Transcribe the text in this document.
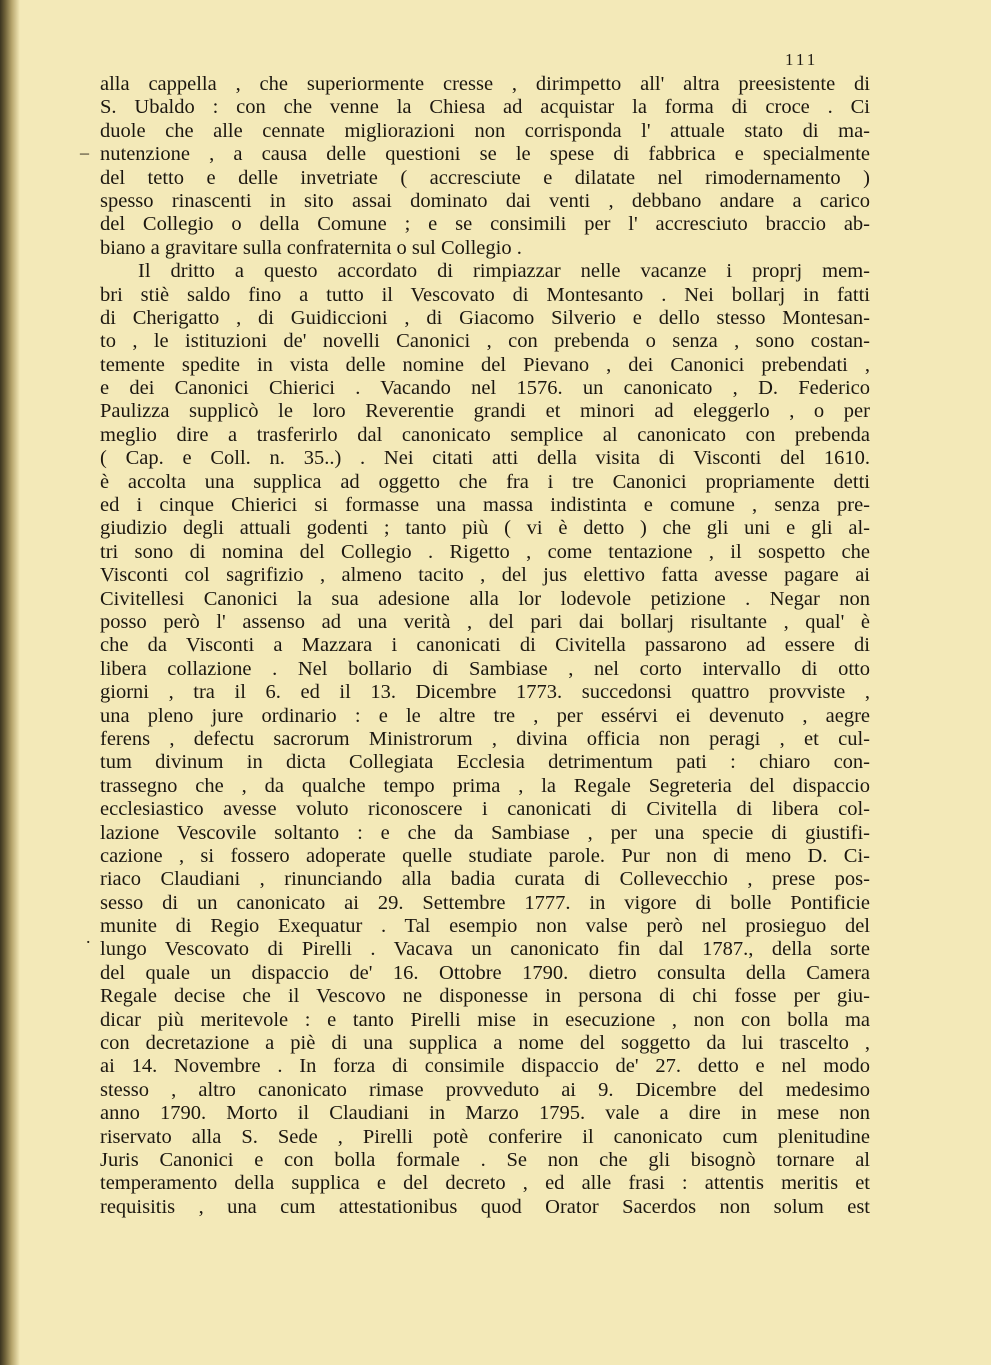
111
_
.
alla cappella , che superiormente cresse , dirimpetto all' altra preesistente di
S. Ubaldo : con che venne la Chiesa ad acquistar la forma di croce . Ci
duole che alle cennate migliorazioni non corrisponda l' attuale stato di ma-
nutenzione , a causa delle questioni se le spese di fabbrica e specialmente
del tetto e delle invetriate ( accresciute e dilatate nel rimodernamento )
spesso rinascenti in sito assai dominato dai venti , debbano andare a carico
del Collegio o della Comune ; e se consimili per l' accresciuto braccio ab-
biano a gravitare sulla confraternita o sul Collegio .
Il dritto a questo accordato di rimpiazzar nelle vacanze i proprj mem-
bri stiè saldo fino a tutto il Vescovato di Montesanto . Nei bollarj in fatti
di Cherigatto , di Guidiccioni , di Giacomo Silverio e dello stesso Montesan-
to , le istituzioni de' novelli Canonici , con prebenda o senza , sono costan-
temente spedite in vista delle nomine del Pievano , dei Canonici prebendati ,
e dei Canonici Chierici . Vacando nel 1576. un canonicato , D. Federico
Paulizza supplicò le loro Reverentie grandi et minori ad eleggerlo , o per
meglio dire a trasferirlo dal canonicato semplice al canonicato con prebenda
( Cap. e Coll. n. 35..) . Nei citati atti della visita di Visconti del 1610.
è accolta una supplica ad oggetto che fra i tre Canonici propriamente detti
ed i cinque Chierici si formasse una massa indistinta e comune , senza pre-
giudizio degli attuali godenti ; tanto più ( vi è detto ) che gli uni e gli al-
tri sono di nomina del Collegio . Rigetto , come tentazione , il sospetto che
Visconti col sagrifizio , almeno tacito , del jus elettivo fatta avesse pagare ai
Civitellesi Canonici la sua adesione alla lor lodevole petizione . Negar non
posso però l' assenso ad una verità , del pari dai bollarj risultante , qual' è
che da Visconti a Mazzara i canonicati di Civitella passarono ad essere di
libera collazione . Nel bollario di Sambiase , nel corto intervallo di otto
giorni , tra il 6. ed il 13. Dicembre 1773. succedonsi quattro provviste ,
una pleno jure ordinario : e le altre tre , per essérvi ei devenuto , aegre
ferens , defectu sacrorum Ministrorum , divina officia non peragi , et cul-
tum divinum in dicta Collegiata Ecclesia detrimentum pati : chiaro con-
trassegno che , da qualche tempo prima , la Regale Segreteria del dispaccio
ecclesiastico avesse voluto riconoscere i canonicati di Civitella di libera col-
lazione Vescovile soltanto : e che da Sambiase , per una specie di giustifi-
cazione , si fossero adoperate quelle studiate parole. Pur non di meno D. Ci-
riaco Claudiani , rinunciando alla badia curata di Collevecchio , prese pos-
sesso di un canonicato ai 29. Settembre 1777. in vigore di bolle Pontificie
munite di Regio Exequatur . Tal esempio non valse però nel prosieguo del
lungo Vescovato di Pirelli . Vacava un canonicato fin dal 1787., della sorte
del quale un dispaccio de' 16. Ottobre 1790. dietro consulta della Camera
Regale decise che il Vescovo ne disponesse in persona di chi fosse per giu-
dicar più meritevole : e tanto Pirelli mise in esecuzione , non con bolla ma
con decretazione a piè di una supplica a nome del soggetto da lui trascelto ,
ai 14. Novembre . In forza di consimile dispaccio de' 27. detto e nel modo
stesso , altro canonicato rimase provveduto ai 9. Dicembre del medesimo
anno 1790. Morto il Claudiani in Marzo 1795. vale a dire in mese non
riservato alla S. Sede , Pirelli potè conferire il canonicato cum plenitudine
Juris Canonici e con bolla formale . Se non che gli bisognò tornare al
temperamento della supplica e del decreto , ed alle frasi : attentis meritis et
requisitis , una cum attestationibus quod Orator Sacerdos non solum est
